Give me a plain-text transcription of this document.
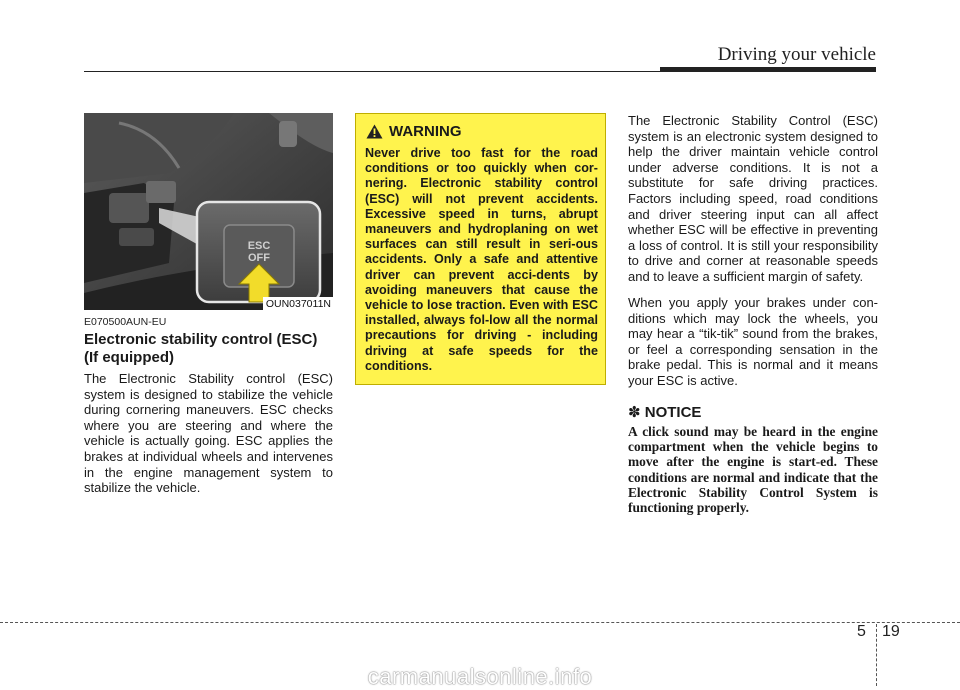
Driving your vehicle
ESC
OFF
OUN037011N
E070500AUN-EU
Electronic stability control (ESC) (If equipped)

The Electronic Stability control (ESC) system is designed to stabilize the vehicle during cornering maneuvers. ESC checks where you are steering and where the vehicle is actually going. ESC applies the brakes at individual wheels and intervenes in the engine management system to stabilize the vehicle.

WARNING

Never drive too fast for the road conditions or too quickly when cor-nering. Electronic stability control (ESC) will not prevent accidents. Excessive speed in turns, abrupt maneuvers and hydroplaning on wet surfaces can still result in seri-ous accidents. Only a safe and attentive driver can prevent acci-dents by avoiding maneuvers that cause the vehicle to lose traction. Even with ESC installed, always fol-low all the normal precautions for driving - including driving at safe speeds for the conditions.

The Electronic Stability Control (ESC) system is an electronic system designed to help the driver maintain vehicle control under adverse conditions. It is not a substitute for safe driving practices. Factors including speed, road conditions and driver steering input can all affect whether ESC will be effective in preventing a loss of control. It is still your responsibility to drive and corner at reasonable speeds and to leave a sufficient margin of safety.

When you apply your brakes under con-ditions which may lock the wheels, you may hear a “tik-tik” sound from the brakes, or feel a corresponding sensation in the brake pedal. This is normal and it means your ESC is active.

✽ NOTICE

A click sound may be heard in the engine compartment when the vehicle begins to move after the engine is start-ed. These conditions are normal and indicate that the Electronic Stability Control System is functioning properly.

5 19
carmanualsonline.info
